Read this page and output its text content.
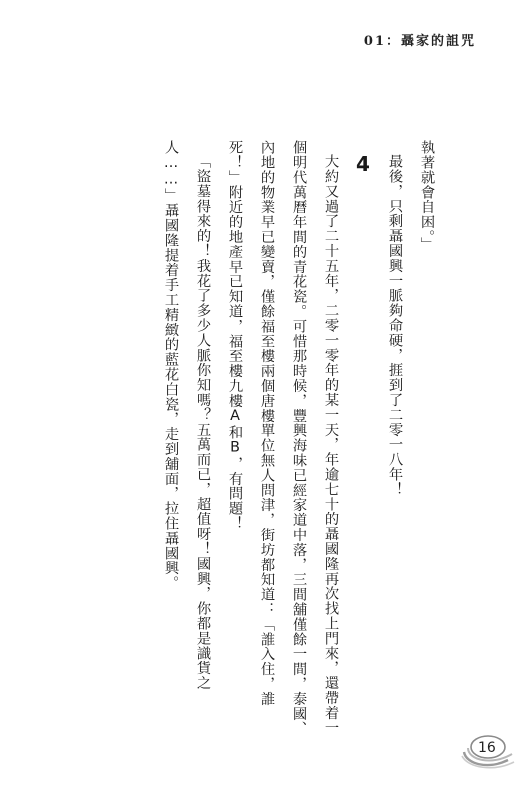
01：聶家的詛咒

執著就會自困。」

最後，只剩聶國興一脈夠命硬，捱到了二零一八年！

4

大約又過了二十五年，二零一零年的某一天，年逾七十的聶國隆再次找上門來，還帶着一個明代萬曆年間的青花瓷。可惜那時候，豐興海味已經家道中落，三間舖僅餘一間，泰國、內地的物業早已變賣，僅餘福至樓兩個唐樓單位無人問津，街坊都知道：「誰入住，誰死！」附近的地產早已知道，福至樓九樓A和B，有問題！

「盜墓得來的！我花了多少人脈你知嗎？五萬而已，超值呀！國興，你都是識貨之人……」聶國隆提着手工精緻的藍花白瓷，走到舖面，拉住聶國興。

16
